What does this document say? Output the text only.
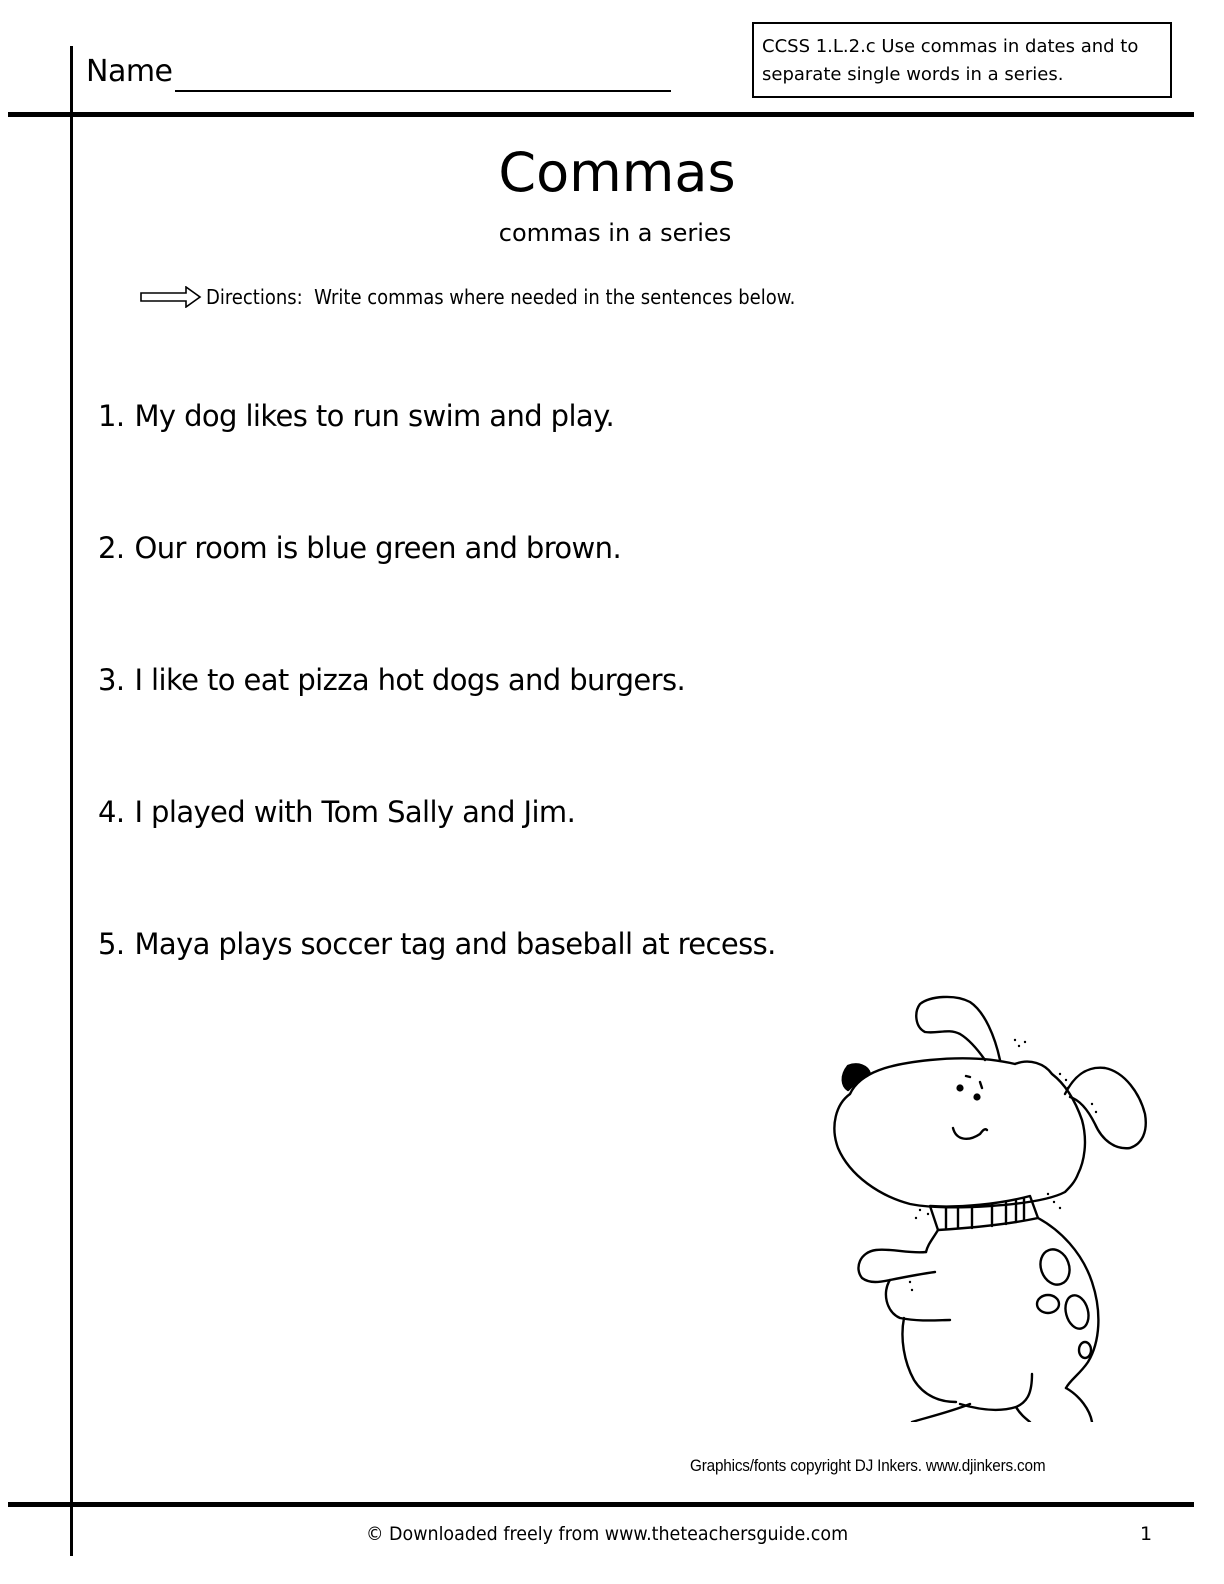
Name
CCSS 1.L.2.c Use commas in dates and to separate single words in a series.
Commas
commas in a series
Directions:  Write commas where needed in the sentences below.
1. My dog likes to run swim and play.
2. Our room is blue green and brown.
3. I like to eat pizza hot dogs and burgers.
4. I played with Tom Sally and Jim.
5. Maya plays soccer tag and baseball at recess.
Graphics/fonts copyright DJ Inkers. www.djinkers.com
© Downloaded freely from www.theteachersguide.com	1
